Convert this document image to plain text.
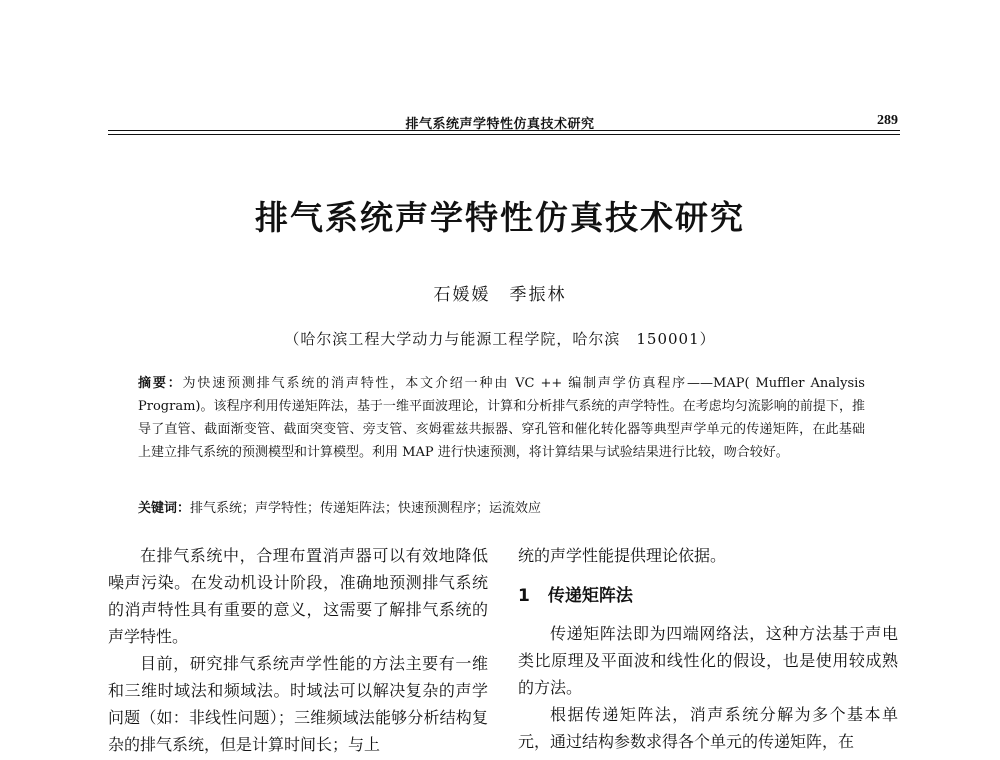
排气系统声学特性仿真技术研究	289
排气系统声学特性仿真技术研究
石媛媛　季振林
（哈尔滨工程大学动力与能源工程学院，哈尔滨　150001）
摘要：为快速预测排气系统的消声特性，本文介绍一种由 VC ++ 编制声学仿真程序——MAP( Muffler Analysis Program)。该程序利用传递矩阵法，基于一维平面波理论，计算和分析排气系统的声学特性。在考虑均匀流影响的前提下，推导了直管、截面渐变管、截面突变管、旁支管、亥姆霍兹共振器、穿孔管和催化转化器等典型声学单元的传递矩阵，在此基础上建立排气系统的预测模型和计算模型。利用 MAP 进行快速预测，将计算结果与试验结果进行比较，吻合较好。
关键词：排气系统；声学特性；传递矩阵法；快速预测程序；运流效应

在排气系统中，合理布置消声器可以有效地降低噪声污染。在发动机设计阶段，准确地预测排气系统的消声特性具有重要的意义，这需要了解排气系统的声学特性。

目前，研究排气系统声学性能的方法主要有一维和三维时域法和频域法。时域法可以解决复杂的声学问题（如：非线性问题）；三维频域法能够分析结构复杂的排气系统，但是计算时间长；与上

统的声学性能提供理论依据。

1 传递矩阵法

传递矩阵法即为四端网络法，这种方法基于声电类比原理及平面波和线性化的假设，也是使用较成熟的方法。

根据传递矩阵法，消声系统分解为多个基本单元，通过结构参数求得各个单元的传递矩阵，在
